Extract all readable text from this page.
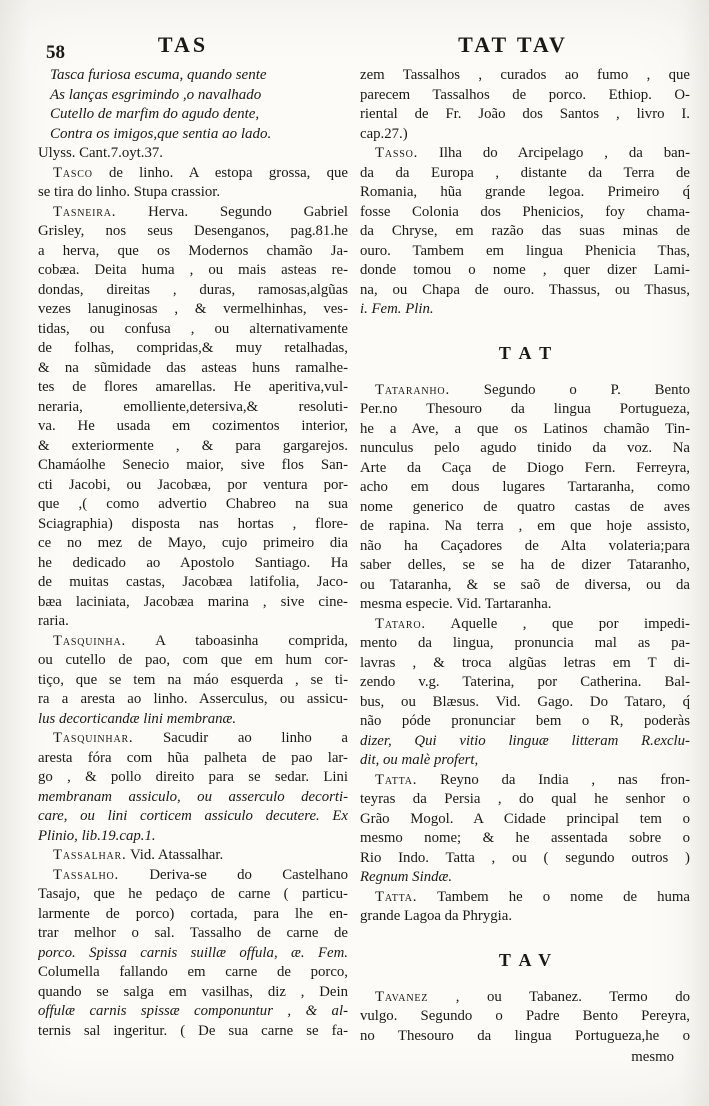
58	TAS	TAT TAV
Tasca furiosa escuma, quando sente
As lanças esgrimindo ,o navalhado
Cutello de marfim do agudo dente,
Contra os imigos,que sentia ao lado.
Ulyss. Cant.7.oyt.37.
Tasco de linho. A estopa grossa, que
se tira do linho. Stupa crassior.
Tasneira. Herva. Segundo Gabriel
Grisley, nos seus Desenganos, pag.81.he
a herva, que os Modernos chamão Ja-
cobæa. Deita huma , ou mais asteas re-
dondas, direitas , duras, ramosas,algũas
vezes lanuginosas , & vermelhinhas, ves-
tidas, ou confusa , ou alternativamente
de folhas, compridas,& muy retalhadas,
& na sũmidade das asteas huns ramalhe-
tes de flores amarellas. He aperitiva,vul-
neraria, emolliente,detersiva,& resoluti-
va. He usada em cozimentos interior,
& exteriormente , & para gargarejos.
Chamáolhe Senecio maior, sive flos San-
cti Jacobi, ou Jacobæa, por ventura por-
que ,( como advertio Chabreo na sua
Sciagraphia) disposta nas hortas , flore-
ce no mez de Mayo, cujo primeiro dia
he dedicado ao Apostolo Santiago. Ha
de muitas castas, Jacobæa latifolia, Jaco-
bæa laciniata, Jacobæa marina , sive cine-
raria.
Tasquinha. A taboasinha comprida,
ou cutello de pao, com que em hum cor-
tiço, que se tem na máo esquerda , se ti-
ra a aresta ao linho. Asserculus, ou assicu-
lus decorticandæ lini membranæ.
Tasquinhar. Sacudir ao linho a
aresta fóra com hũa palheta de pao lar-
go , & pollo direito para se sedar. Lini
membranam assiculo, ou asserculo decorti-
care, ou lini corticem assiculo decutere. Ex
Plinio, lib.19.cap.1.
Tassalhar. Vid. Atassalhar.
Tassalho. Deriva-se do Castelhano
Tasajo, que he pedaço de carne ( particu-
larmente de porco) cortada, para lhe en-
trar melhor o sal. Tassalho de carne de
porco. Spissa carnis suillæ offula, æ. Fem.
Columella fallando em carne de porco,
quando se salga em vasilhas, diz , Dein
offulæ carnis spissæ componuntur , & al-
ternis sal ingeritur. ( De sua carne se fa-
zem Tassalhos , curados ao fumo , que
parecem Tassalhos de porco. Ethiop. O-
riental de Fr. João dos Santos , livro I.
cap.27.)
Tasso. Ilha do Arcipelago , da ban-
da da Europa , distante da Terra de
Romania, hũa grande legoa. Primeiro q́
fosse Colonia dos Phenicios, foy chama-
da Chryse, em razão das suas minas de
ouro. Tambem em lingua Phenicia Thas,
donde tomou o nome , quer dizer Lami-
na, ou Chapa de ouro. Thassus, ou Thasus,
i. Fem. Plin.
TAT
Tataranho. Segundo o P. Bento
Per.no Thesouro da lingua Portugueza,
he a Ave, a que os Latinos chamão Tin-
nunculus pelo agudo tinido da voz. Na
Arte da Caça de Diogo Fern. Ferreyra,
acho em dous lugares Tartaranha, como
nome generico de quatro castas de aves
de rapina. Na terra , em que hoje assisto,
não ha Caçadores de Alta volateria;para
saber delles, se se ha de dizer Tataranho,
ou Tataranha, & se saõ de diversa, ou da
mesma especie. Vid. Tartaranha.
Tataro. Aquelle , que por impedi-
mento da lingua, pronuncia mal as pa-
lavras , & troca algũas letras em T di-
zendo v.g. Taterina, por Catherina. Bal-
bus, ou Blæsus. Vid. Gago. Do Tataro, q́
não póde pronunciar bem o R, poderàs
dizer, Qui vitio linguæ litteram R.exclu-
dit, ou malè profert,
Tatta. Reyno da India , nas fron-
teyras da Persia , do qual he senhor o
Grão Mogol. A Cidade principal tem o
mesmo nome; & he assentada sobre o
Rio Indo. Tatta , ou ( segundo outros )
Regnum Sindæ.
Tatta. Tambem he o nome de huma
grande Lagoa da Phrygia.
TAV
Tavanez , ou Tabanez. Termo do
vulgo. Segundo o Padre Bento Pereyra,
no Thesouro da lingua Portugueza,he o
mesmo
